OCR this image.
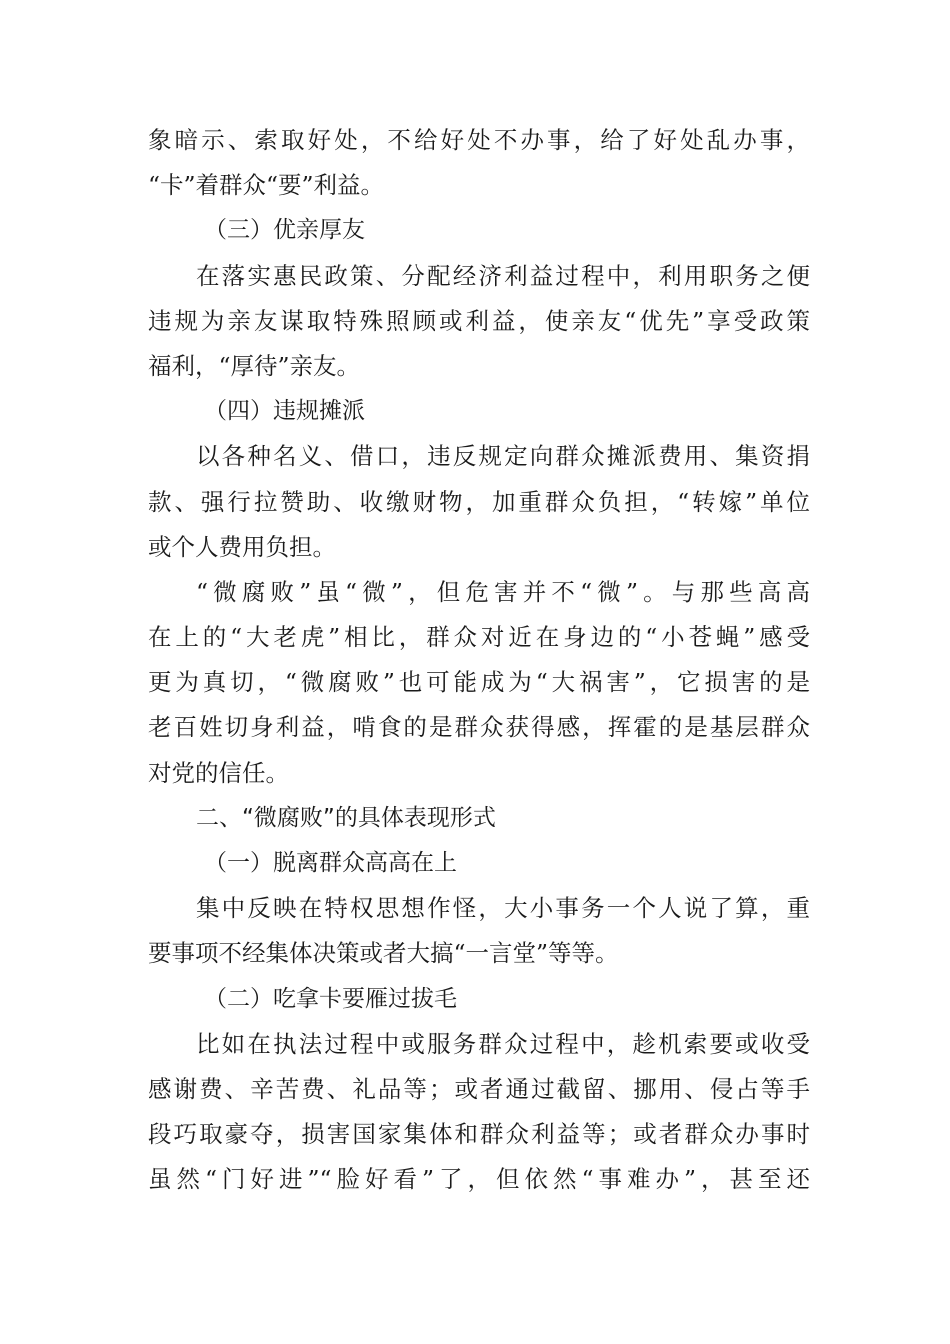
象暗示、索取好处，不给好处不办事，给了好处乱办事，
“卡”着群众“要”利益。
（三）优亲厚友
在落实惠民政策、分配经济利益过程中，利用职务之便
违规为亲友谋取特殊照顾或利益，使亲友“优先”享受政策
福利，“厚待”亲友。
（四）违规摊派
以各种名义、借口，违反规定向群众摊派费用、集资捐
款、强行拉赞助、收缴财物，加重群众负担，“转嫁”单位
或个人费用负担。
“微腐败”虽“微”，但危害并不“微”。与那些高高
在上的“大老虎”相比，群众对近在身边的“小苍蝇”感受
更为真切，“微腐败”也可能成为“大祸害”，它损害的是
老百姓切身利益，啃食的是群众获得感，挥霍的是基层群众
对党的信任。
二、“微腐败”的具体表现形式
（一）脱离群众高高在上
集中反映在特权思想作怪，大小事务一个人说了算，重
要事项不经集体决策或者大搞“一言堂”等等。
（二）吃拿卡要雁过拔毛
比如在执法过程中或服务群众过程中，趁机索要或收受
感谢费、辛苦费、礼品等；或者通过截留、挪用、侵占等手
段巧取豪夺，损害国家集体和群众利益等；或者群众办事时
虽然“门好进”“脸好看”了，但依然“事难办”，甚至还
